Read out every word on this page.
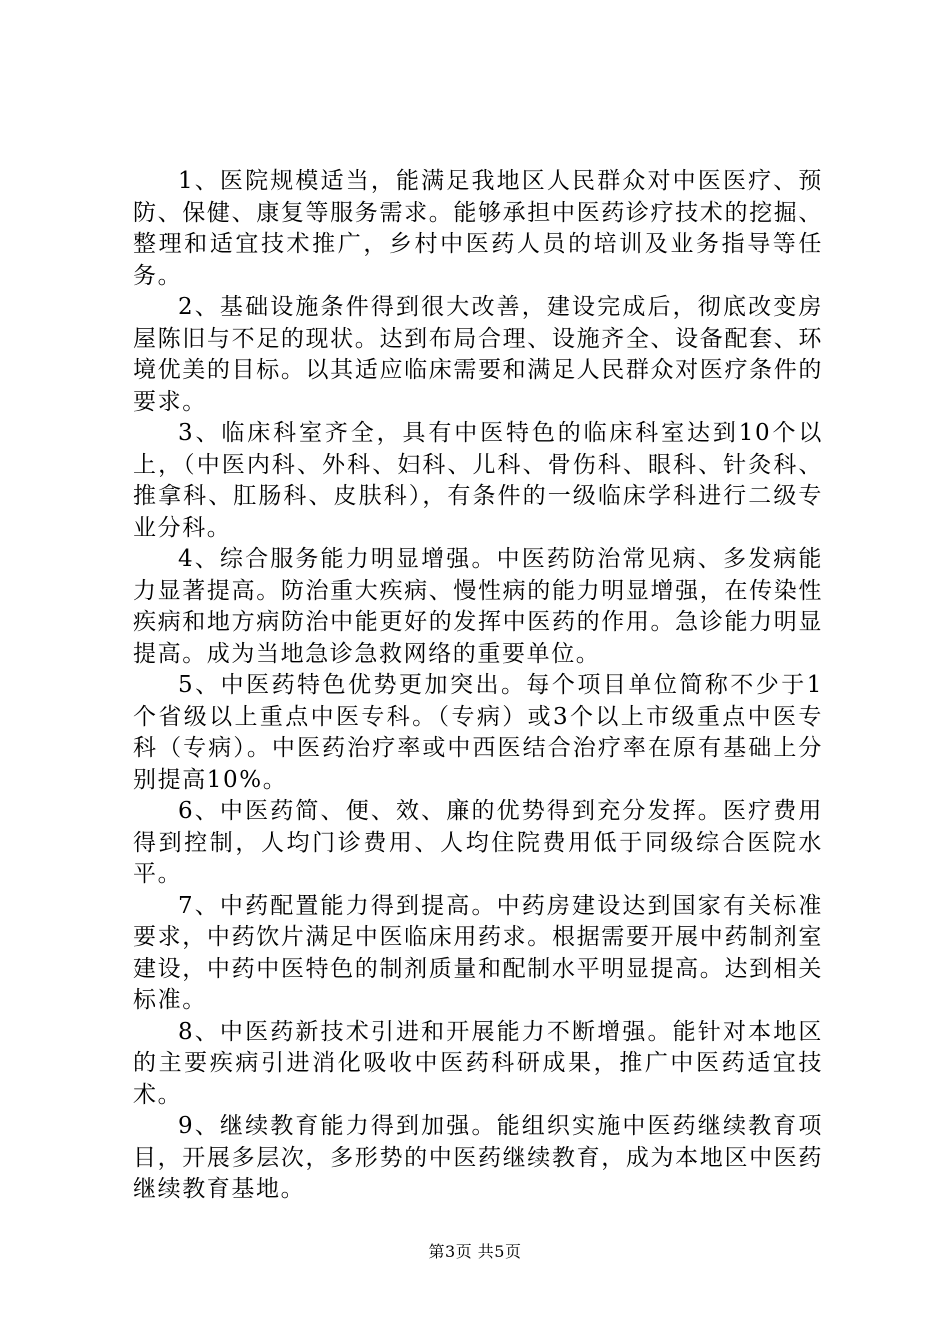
1、医院规模适当，能满足我地区人民群众对中医医疗、预防、保健、康复等服务需求。能够承担中医药诊疗技术的挖掘、整理和适宜技术推广，乡村中医药人员的培训及业务指导等任务。

2、基础设施条件得到很大改善，建设完成后，彻底改变房屋陈旧与不足的现状。达到布局合理、设施齐全、设备配套、环境优美的目标。以其适应临床需要和满足人民群众对医疗条件的要求。

3、临床科室齐全，具有中医特色的临床科室达到10个以上，（中医内科、外科、妇科、儿科、骨伤科、眼科、针灸科、推拿科、肛肠科、皮肤科），有条件的一级临床学科进行二级专业分科。

4、综合服务能力明显增强。中医药防治常见病、多发病能力显著提高。防治重大疾病、慢性病的能力明显增强，在传染性疾病和地方病防治中能更好的发挥中医药的作用。急诊能力明显提高。成为当地急诊急救网络的重要单位。

5、中医药特色优势更加突出。每个项目单位简称不少于1个省级以上重点中医专科。（专病）或3个以上市级重点中医专科（专病）。中医药治疗率或中西医结合治疗率在原有基础上分别提高10%。

6、中医药简、便、效、廉的优势得到充分发挥。医疗费用得到控制，人均门诊费用、人均住院费用低于同级综合医院水平。

7、中药配置能力得到提高。中药房建设达到国家有关标准要求，中药饮片满足中医临床用药求。根据需要开展中药制剂室建设，中药中医特色的制剂质量和配制水平明显提高。达到相关标准。

8、中医药新技术引进和开展能力不断增强。能针对本地区的主要疾病引进消化吸收中医药科研成果，推广中医药适宜技术。

9、继续教育能力得到加强。能组织实施中医药继续教育项目，开展多层次，多形势的中医药继续教育，成为本地区中医药继续教育基地。

第3页 共5页
